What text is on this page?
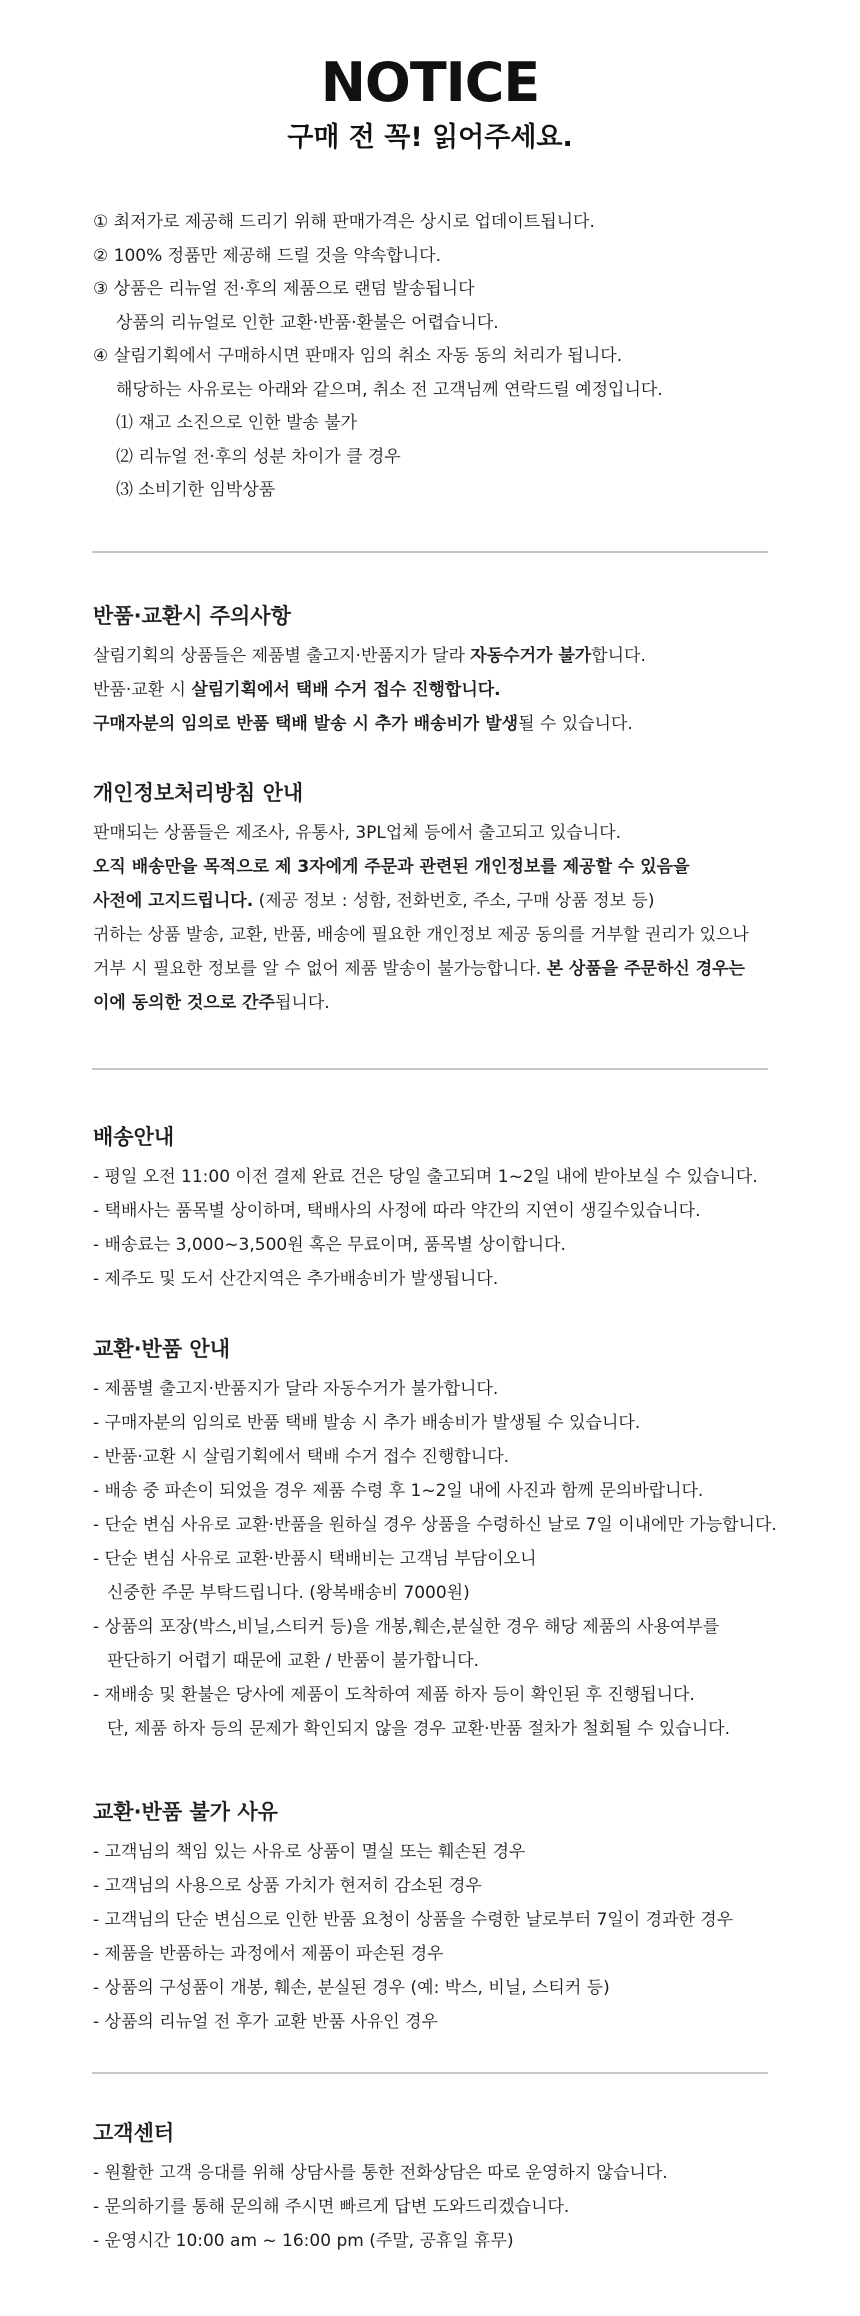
NOTICE
구매 전 꼭! 읽어주세요.
① 최저가로 제공해 드리기 위해 판매가격은 상시로 업데이트됩니다.
② 100% 정품만 제공해 드릴 것을 약속합니다.
③ 상품은 리뉴얼 전·후의 제품으로 랜덤 발송됩니다
상품의 리뉴얼로 인한 교환·반품·환불은 어렵습니다.
④ 살림기획에서 구매하시면 판매자 임의 취소 자동 동의 처리가 됩니다.
해당하는 사유로는 아래와 같으며, 취소 전 고객님께 연락드릴 예정입니다.
⑴ 재고 소진으로 인한 발송 불가
⑵ 리뉴얼 전·후의 성분 차이가 클 경우
⑶ 소비기한 임박상품
반품·교환시 주의사항
살림기획의 상품들은 제품별 출고지·반품지가 달라 자동수거가 불가합니다.
반품·교환 시 살림기획에서 택배 수거 접수 진행합니다.
구매자분의 임의로 반품 택배 발송 시 추가 배송비가 발생될 수 있습니다.
개인정보처리방침 안내
판매되는 상품들은 제조사, 유통사, 3PL업체 등에서 출고되고 있습니다.
오직 배송만을 목적으로 제 3자에게 주문과 관련된 개인정보를 제공할 수 있음을
사전에 고지드립니다. (제공 정보 : 성함, 전화번호, 주소, 구매 상품 정보 등)
귀하는 상품 발송, 교환, 반품, 배송에 필요한 개인정보 제공 동의를 거부할 권리가 있으나
거부 시 필요한 정보를 알 수 없어 제품 발송이 불가능합니다. 본 상품을 주문하신 경우는
이에 동의한 것으로 간주됩니다.
배송안내
- 평일 오전 11:00 이전 결제 완료 건은 당일 출고되며 1~2일 내에 받아보실 수 있습니다.
- 택배사는 품목별 상이하며, 택배사의 사정에 따라 약간의 지연이 생길수있습니다.
- 배송료는 3,000~3,500원 혹은 무료이며, 품목별 상이합니다.
- 제주도 및 도서 산간지역은 추가배송비가 발생됩니다.
교환·반품 안내
- 제품별 출고지·반품지가 달라 자동수거가 불가합니다.
- 구매자분의 임의로 반품 택배 발송 시 추가 배송비가 발생될 수 있습니다.
- 반품·교환 시 살림기획에서 택배 수거 접수 진행합니다.
- 배송 중 파손이 되었을 경우 제품 수령 후 1~2일 내에 사진과 함께 문의바랍니다.
- 단순 변심 사유로 교환·반품을 원하실 경우 상품을 수령하신 날로 7일 이내에만 가능합니다.
- 단순 변심 사유로 교환·반품시 택배비는 고객님 부담이오니
신중한 주문 부탁드립니다. (왕복배송비 7000원)
- 상품의 포장(박스,비닐,스티커 등)을 개봉,훼손,분실한 경우 해당 제품의 사용여부를
판단하기 어렵기 때문에 교환 / 반품이 불가합니다.
- 재배송 및 환불은 당사에 제품이 도착하여 제품 하자 등이 확인된 후 진행됩니다.
단, 제품 하자 등의 문제가 확인되지 않을 경우 교환·반품 절차가 철회될 수 있습니다.
교환·반품 불가 사유
- 고객님의 책임 있는 사유로 상품이 멸실 또는 훼손된 경우
- 고객님의 사용으로 상품 가치가 현저히 감소된 경우
- 고객님의 단순 변심으로 인한 반품 요청이 상품을 수령한 날로부터 7일이 경과한 경우
- 제품을 반품하는 과정에서 제품이 파손된 경우
- 상품의 구성품이 개봉, 훼손, 분실된 경우 (예: 박스, 비닐, 스티커 등)
- 상품의 리뉴얼 전 후가 교환 반품 사유인 경우
고객센터
- 원활한 고객 응대를 위해 상담사를 통한 전화상담은 따로 운영하지 않습니다.
- 문의하기를 통해 문의해 주시면 빠르게 답변 도와드리겠습니다.
- 운영시간 10:00 am ~ 16:00 pm (주말, 공휴일 휴무)
